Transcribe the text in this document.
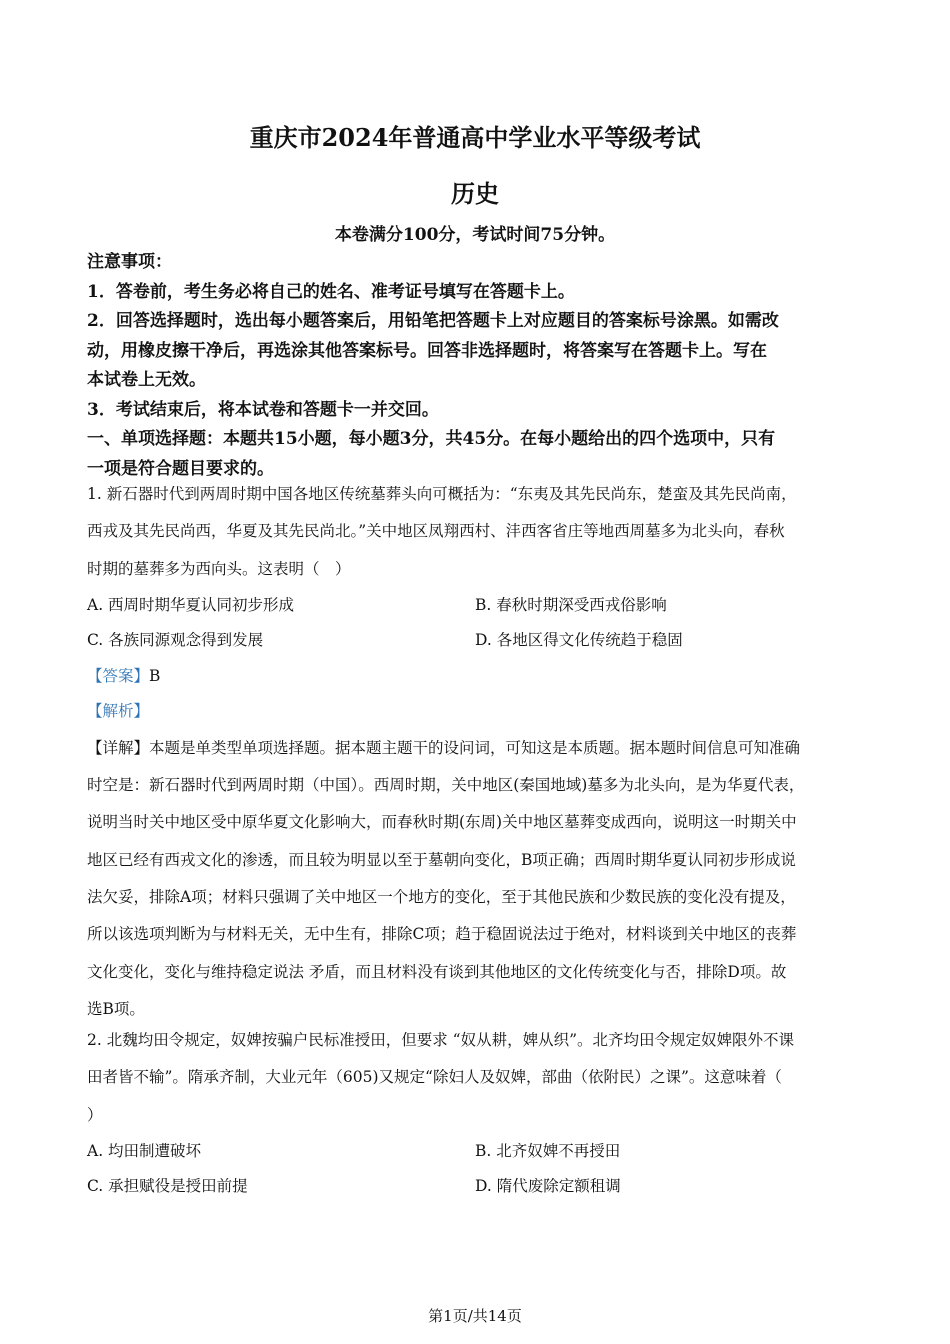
重庆市2024年普通高中学业水平等级考试
历史
本卷满分100分，考试时间75分钟。
注意事项：
1．答卷前，考生务必将自己的姓名、准考证号填写在答题卡上。
2．回答选择题时，选出每小题答案后，用铅笔把答题卡上对应题目的答案标号涂黑。如需改
动，用橡皮擦干净后，再选涂其他答案标号。回答非选择题时，将答案写在答题卡上。写在
本试卷上无效。
3．考试结束后，将本试卷和答题卡一并交回。
一、单项选择题：本题共15小题，每小题3分，共45分。在每小题给出的四个选项中，只有
一项是符合题目要求的。
1. 新石器时代到两周时期中国各地区传统墓葬头向可概括为：“东夷及其先民尚东，楚蛮及其先民尚南，
西戎及其先民尚西，华夏及其先民尚北。”关中地区凤翔西村、沣西客省庄等地西周墓多为北头向，春秋
时期的墓葬多为西向头。这表明（　）
A. 西周时期华夏认同初步形成	B. 春秋时期深受西戎俗影响
C. 各族同源观念得到发展	D. 各地区得文化传统趋于稳固
【答案】B
【解析】
【详解】本题是单类型单项选择题。据本题主题干的设问词，可知这是本质题。据本题时间信息可知准确
时空是：新石器时代到两周时期（中国）。西周时期，关中地区(秦国地域)墓多为北头向，是为华夏代表，
说明当时关中地区受中原华夏文化影响大，而春秋时期(东周)关中地区墓葬变成西向，说明这一时期关中
地区已经有西戎文化的渗透，而且较为明显以至于墓朝向变化，B项正确；西周时期华夏认同初步形成说
法欠妥，排除A项；材料只强调了关中地区一个地方的变化，至于其他民族和少数民族的变化没有提及，
所以该选项判断为与材料无关，无中生有，排除C项；趋于稳固说法过于绝对，材料谈到关中地区的丧葬
文化变化，变化与维持稳定说法 矛盾，而且材料没有谈到其他地区的文化传统变化与否，排除D项。故
选B项。
2. 北魏均田令规定，奴婢按骗户民标准授田，但要求 “奴从耕，婢从织”。北齐均田令规定奴婢限外不课
田者皆不输”。隋承齐制，大业元年（605)又规定“除妇人及奴婢，部曲（依附民）之课”。这意味着（
）
A. 均田制遭破坏	B. 北齐奴婢不再授田
C. 承担赋役是授田前提	D. 隋代废除定额租调
第1页/共14页
